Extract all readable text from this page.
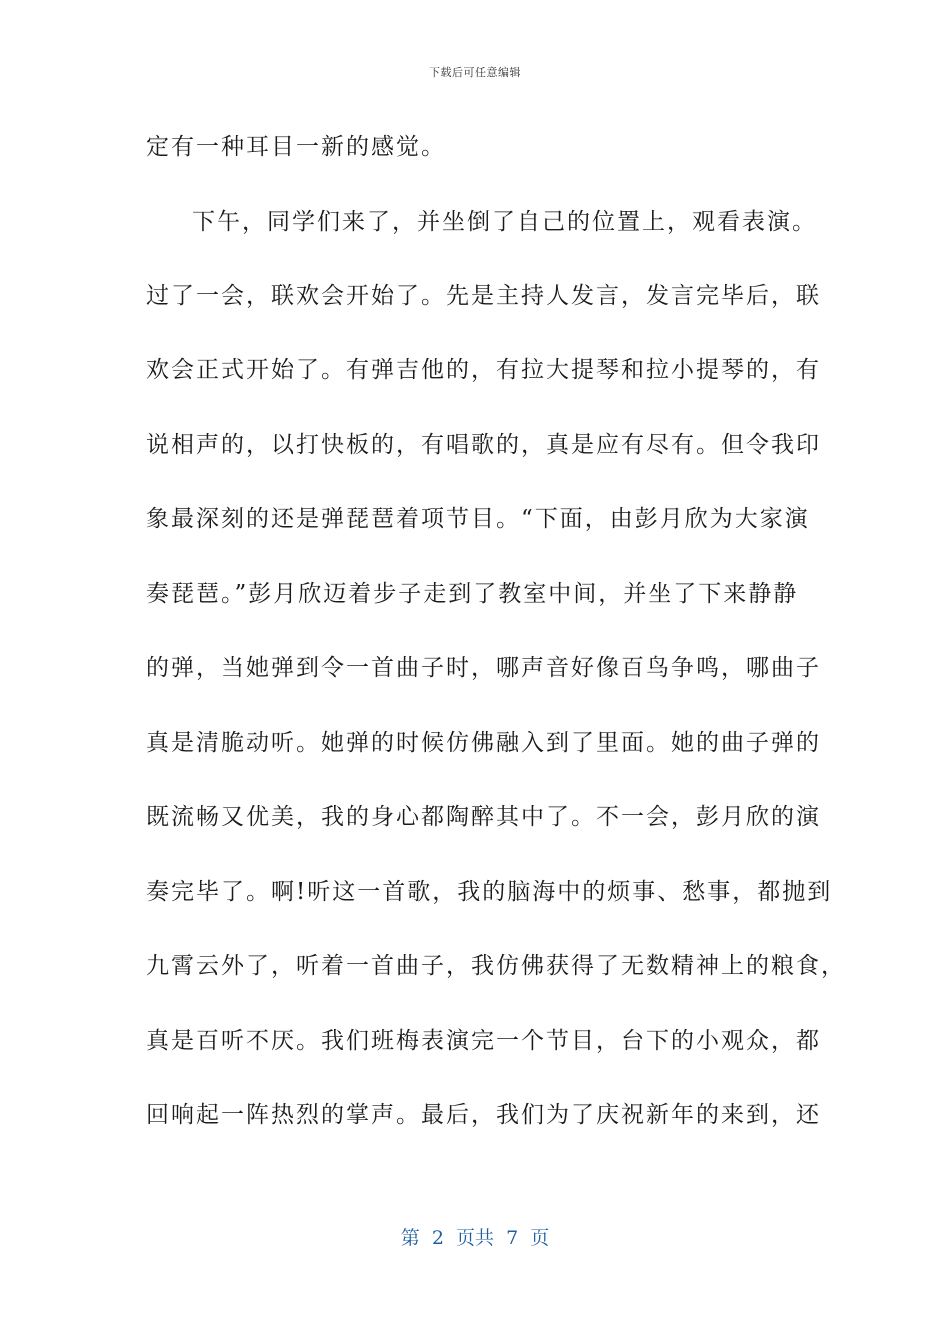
下载后可任意编辑
定有一种耳目一新的感觉。
下午，同学们来了，并坐倒了自己的位置上，观看表演。
过了一会，联欢会开始了。先是主持人发言，发言完毕后，联
欢会正式开始了。有弹吉他的，有拉大提琴和拉小提琴的，有
说相声的，以打快板的，有唱歌的，真是应有尽有。但令我印
象最深刻的还是弹琵琶着项节目。“下面，由彭月欣为大家演
奏琵琶。”彭月欣迈着步子走到了教室中间，并坐了下来静静
的弹，当她弹到令一首曲子时，哪声音好像百鸟争鸣，哪曲子
真是清脆动听。她弹的时候仿佛融入到了里面。她的曲子弹的
既流畅又优美，我的身心都陶醉其中了。不一会，彭月欣的演
奏完毕了。啊!听这一首歌，我的脑海中的烦事、愁事，都抛到
九霄云外了，听着一首曲子，我仿佛获得了无数精神上的粮食，
真是百听不厌。我们班梅表演完一个节目，台下的小观众，都
回响起一阵热烈的掌声。最后，我们为了庆祝新年的来到，还
第  2  页共  7  页
